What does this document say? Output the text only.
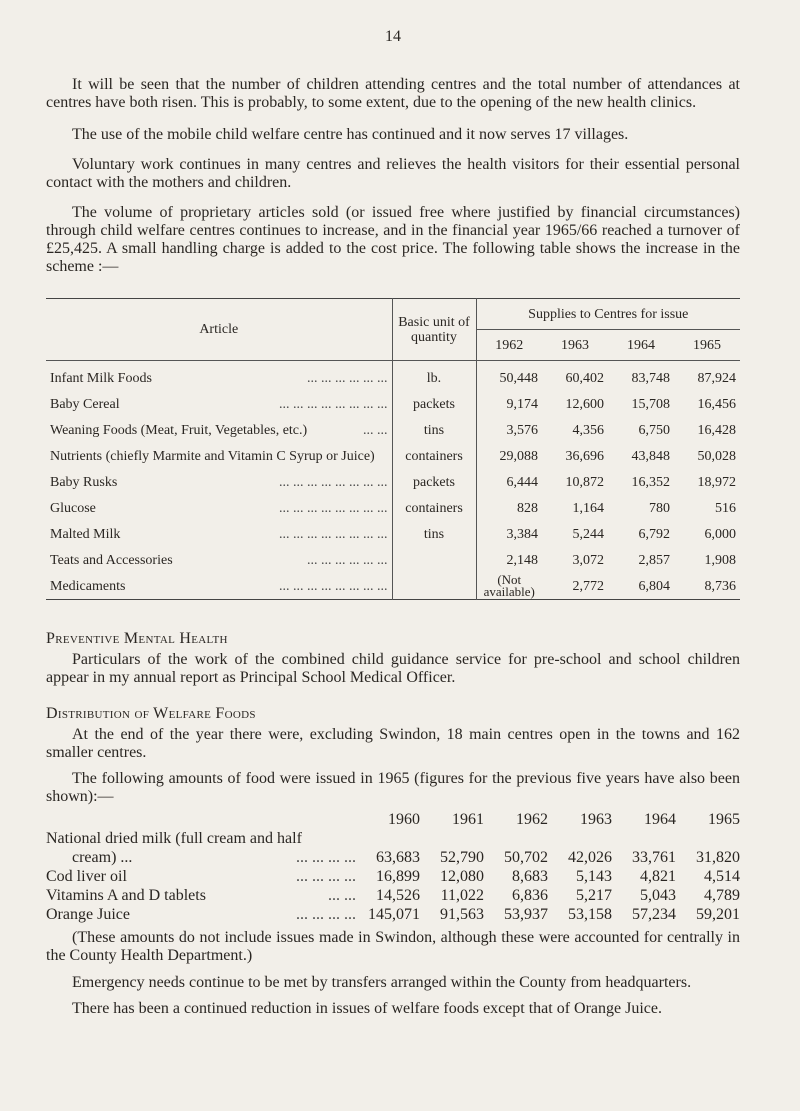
14

It will be seen that the number of children attending centres and the total number of attendances at centres have both risen. This is probably, to some extent, due to the opening of the new health clinics.

The use of the mobile child welfare centre has continued and it now serves 17 villages.

Voluntary work continues in many centres and relieves the health visitors for their essential personal contact with the mothers and children.

The volume of proprietary articles sold (or issued free where justified by financial circumstances) through child welfare centres continues to increase, and in the financial year 1965/66 reached a turnover of £25,425. A small handling charge is added to the cost price. The following table shows the increase in the scheme :—

Article	Basic unit of quantity	Supplies to Centres for issue			
		1962	1963	1964	1965

Infant Milk Foods ... ... ... ... ... ...	lb.	50,448	60,402	83,748	87,924

Baby Cereal ... ... ... ... ... ... ... ...	packets	9,174	12,600	15,708	16,456

Weaning Foods (Meat, Fruit, Vegetables, etc.) ... ...	tins	3,576	4,356	6,750	16,428

Nutrients (chiefly Marmite and Vitamin C Syrup or Juice)	containers	29,088	36,696	43,848	50,028

Baby Rusks ... ... ... ... ... ... ... ...	packets	6,444	10,872	16,352	18,972

Glucose ... ... ... ... ... ... ... ...	containers	828	1,164	780	516

Malted Milk ... ... ... ... ... ... ... ...	tins	3,384	5,244	6,792	6,000

Teats and Accessories ... ... ... ... ... ...		2,148	3,072	2,857	1,908

Medicaments ... ... ... ... ... ... ... ...		(Not available)	2,772	6,804	8,736

Preventive Mental Health

Particulars of the work of the combined child guidance service for pre-school and school children appear in my annual report as Principal School Medical Officer.

Distribution of Welfare Foods

At the end of the year there were, excluding Swindon, 18 main centres open in the towns and 162 smaller centres.

The following amounts of food were issued in 1965 (figures for the previous five years have also been shown):—

	1960	1961	1962	1963	1964	1965
National dried milk (full cream and half						

cream) ... ... ... ... ...	63,683	52,790	50,702	42,026	33,761	31,820

Cod liver oil ... ... ... ...	16,899	12,080	8,683	5,143	4,821	4,514

Vitamins A and D tablets ... ...	14,526	11,022	6,836	5,217	5,043	4,789

Orange Juice ... ... ... ...	145,071	91,563	53,937	53,158	57,234	59,201

(These amounts do not include issues made in Swindon, although these were accounted for centrally in the County Health Department.)

Emergency needs continue to be met by transfers arranged within the County from headquarters.

There has been a continued reduction in issues of welfare foods except that of Orange Juice.
